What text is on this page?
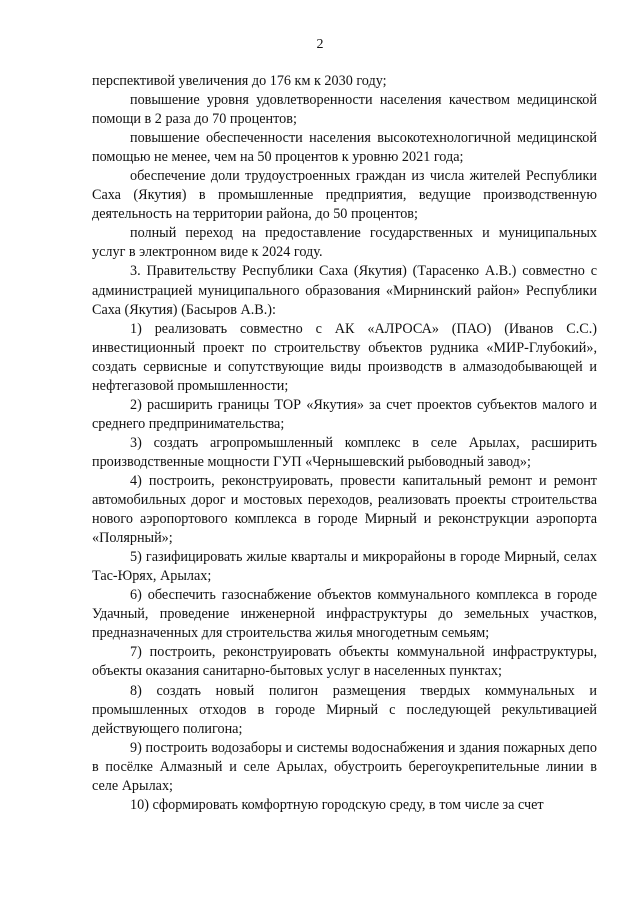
2

перспективой увеличения до 176 км к 2030 году;

повышение уровня удовлетворенности населения качеством медицинской помощи в 2 раза до 70 процентов;

повышение обеспеченности населения высокотехнологичной медицинской помощью не менее, чем на 50 процентов к уровню 2021 года;

обеспечение доли трудоустроенных граждан из числа жителей Республики Саха (Якутия) в промышленные предприятия, ведущие производственную деятельность на территории района, до 50 процентов;

полный переход на предоставление государственных и муниципальных услуг в электронном виде к 2024 году.

3. Правительству Республики Саха (Якутия) (Тарасенко А.В.) совместно с администрацией муниципального образования «Мирнинский район» Республики Саха (Якутия) (Басыров А.В.):

1) реализовать совместно с АК «АЛРОСА» (ПАО) (Иванов С.С.) инвестиционный проект по строительству объектов рудника «МИР-Глубокий», создать сервисные и сопутствующие виды производств в алмазодобывающей и нефтегазовой промышленности;

2) расширить границы ТОР «Якутия» за счет проектов субъектов малого и среднего предпринимательства;

3) создать агропромышленный комплекс в селе Арылах, расширить производственные мощности ГУП «Чернышевский рыбоводный завод»;

4) построить, реконструировать, провести капитальный ремонт и ремонт автомобильных дорог и мостовых переходов, реализовать проекты строительства нового аэропортового комплекса в городе Мирный и реконструкции аэропорта «Полярный»;

5) газифицировать жилые кварталы и микрорайоны в городе Мирный, селах Тас-Юрях, Арылах;

6) обеспечить газоснабжение объектов коммунального комплекса в городе Удачный, проведение инженерной инфраструктуры до земельных участков, предназначенных для строительства жилья многодетным семьям;

7) построить, реконструировать объекты коммунальной инфраструктуры, объекты оказания санитарно-бытовых услуг в населенных пунктах;

8) создать новый полигон размещения твердых коммунальных и промышленных отходов в городе Мирный с последующей рекультивацией действующего полигона;

9) построить водозаборы и системы водоснабжения и здания пожарных депо в посёлке Алмазный и селе Арылах, обустроить берегоукрепительные линии в селе Арылах;

10) сформировать комфортную городскую среду, в том числе за счет
